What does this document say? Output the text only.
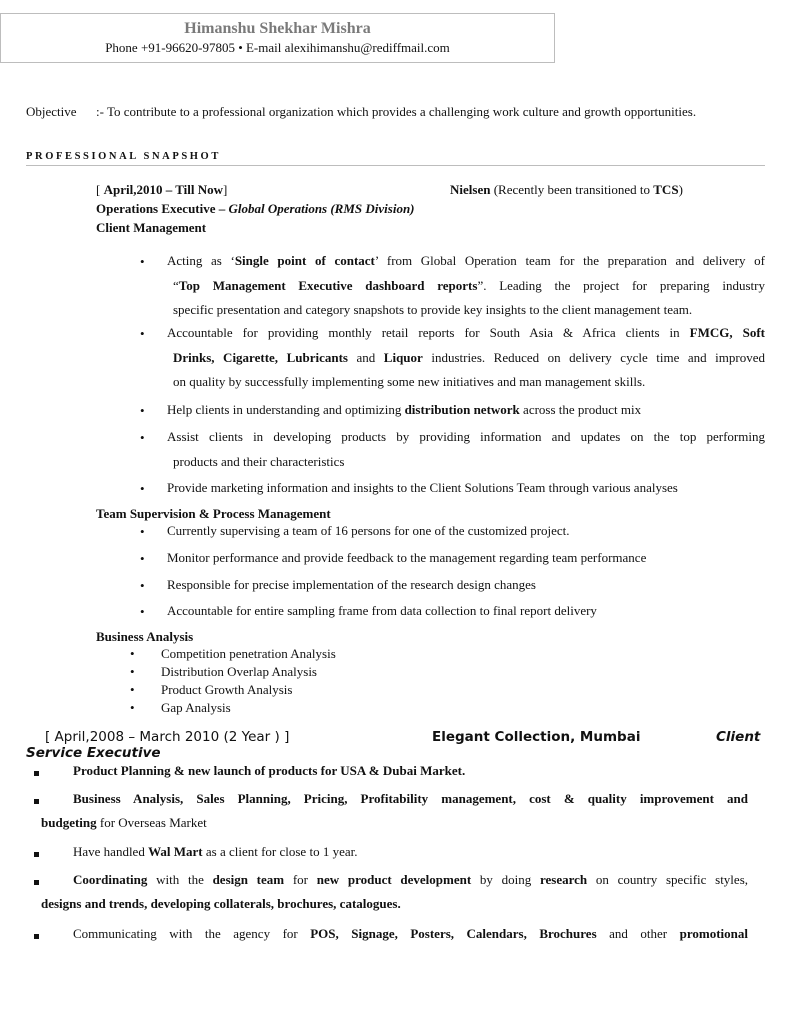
Himanshu Shekhar Mishra
Phone +91-96620-97805 • E-mail alexihimanshu@rediffmail.com
Objective :- To contribute to a professional organization which provides a challenging work culture and growth opportunities.
PROFESSIONAL SNAPSHOT
[ April,2010 – Till Now]	Nielsen (Recently been transitioned to TCS)
Operations Executive – Global Operations (RMS Division)
Client Management
• Acting as ‘Single point of contact’ from Global Operation team for the preparation and delivery of
“Top Management Executive dashboard reports”. Leading the project for preparing industry
specific presentation and category snapshots to provide key insights to the client management team.
• Accountable for providing monthly retail reports for South Asia & Africa clients in FMCG, Soft
Drinks, Cigarette, Lubricants and Liquor industries. Reduced on delivery cycle time and improved
on quality by successfully implementing some new initiatives and man management skills.
• Help clients in understanding and optimizing distribution network across the product mix
• Assist clients in developing products by providing information and updates on the top performing
products and their characteristics
• Provide marketing information and insights to the Client Solutions Team through various analyses
Team Supervision & Process Management
• Currently supervising a team of 16 persons for one of the customized project.
• Monitor performance and provide feedback to the management regarding team performance
• Responsible for precise implementation of the research design changes
• Accountable for entire sampling frame from data collection to final report delivery
Business Analysis
• Competition penetration Analysis
• Distribution Overlap Analysis
• Product Growth Analysis
• Gap Analysis
[ April,2008 – March 2010 (2 Year ) ]	Elegant Collection, Mumbai	Client
Service Executive
Product Planning & new launch of products for USA & Dubai Market.
Business Analysis, Sales Planning, Pricing, Profitability management, cost & quality improvement and
budgeting for Overseas Market
Have handled Wal Mart as a client for close to 1 year.
Coordinating with the design team for new product development by doing research on country specific styles,
designs and trends, developing collaterals, brochures, catalogues.
Communicating with the agency for POS, Signage, Posters, Calendars, Brochures and other promotional
